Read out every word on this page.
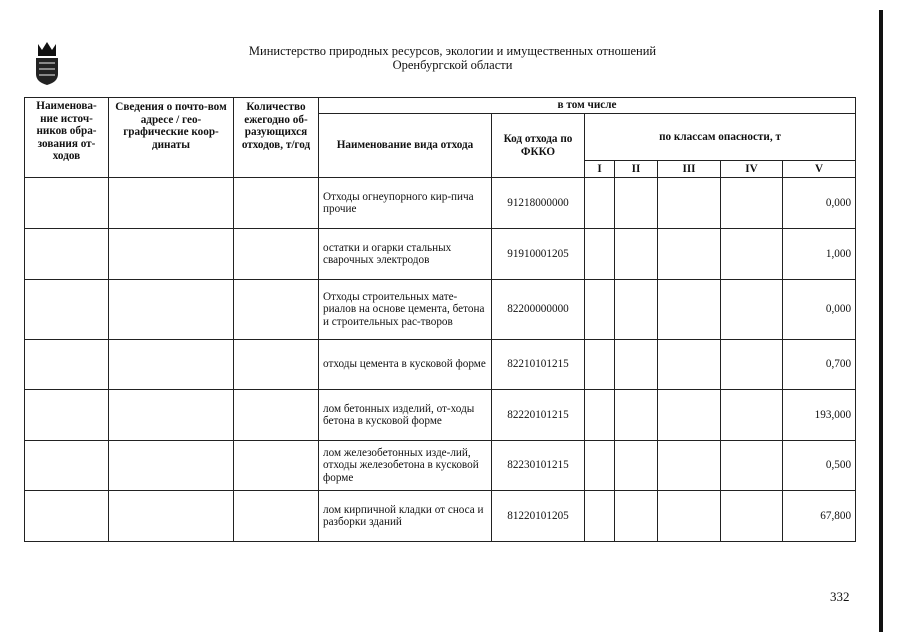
Министерство природных ресурсов, экологии и имущественных отношений
Оренбургской области
Наименова-ние источ-ников обра-зования от-ходов	Сведения о почто-вом адресе / гео-графические коор-динаты	Количество ежегодно об-разующихся отходов, т/год	в том числе						
			Наименование вида отхода	Код отхода по ФККО	по классам опасности, т				
					I	II	III	IV	V
			Отходы огнеупорного кир-пича прочие	91218000000					0,000
			остатки и огарки стальных сварочных электродов	91910001205					1,000
			Отходы строительных мате-риалов на основе цемента, бетона и строительных рас-творов	82200000000					0,000
			отходы цемента в кусковой форме	82210101215					0,700
			лом бетонных изделий, от-ходы бетона в кусковой форме	82220101215					193,000
			лом железобетонных изде-лий, отходы железобетона в кусковой форме	82230101215					0,500
			лом кирпичной кладки от сноса и разборки зданий	81220101205					67,800
332
